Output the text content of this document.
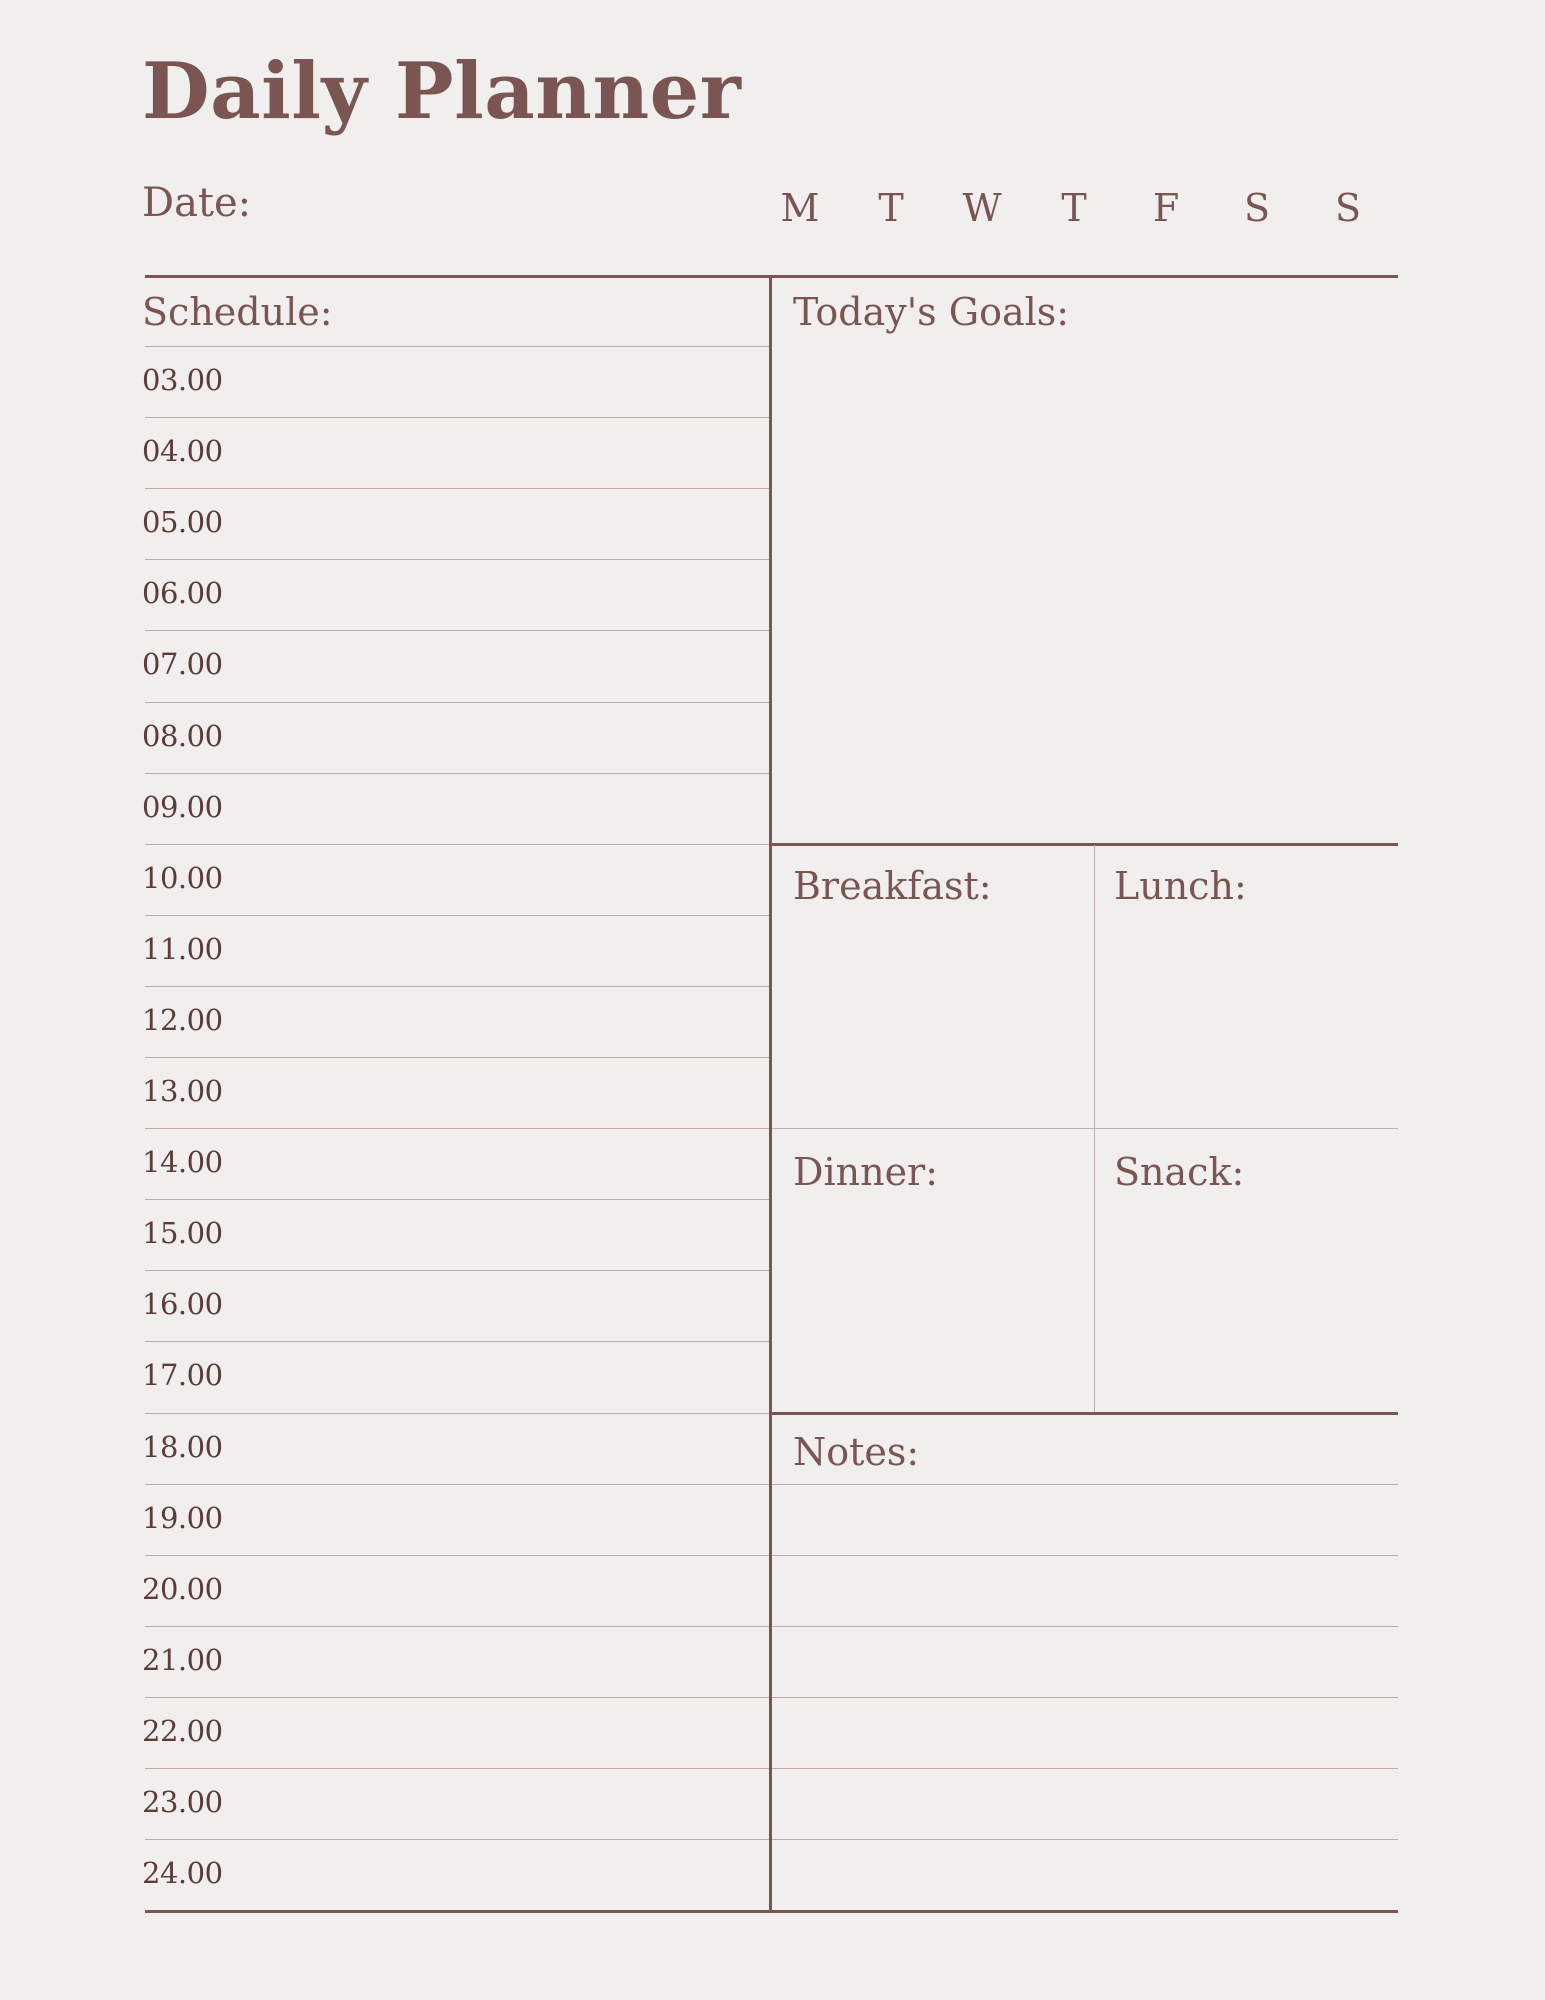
Daily Planner
Date:	M	T	W	T	F	S	S
Schedule:
03.00
04.00
05.00
06.00
07.00
08.00
09.00
10.00
11.00
12.00
13.00
14.00
15.00
16.00
17.00
18.00
19.00
20.00
21.00
22.00
23.00
24.00
Today's Goals:
Breakfast:	Lunch:
Dinner:	Snack:
Notes:
